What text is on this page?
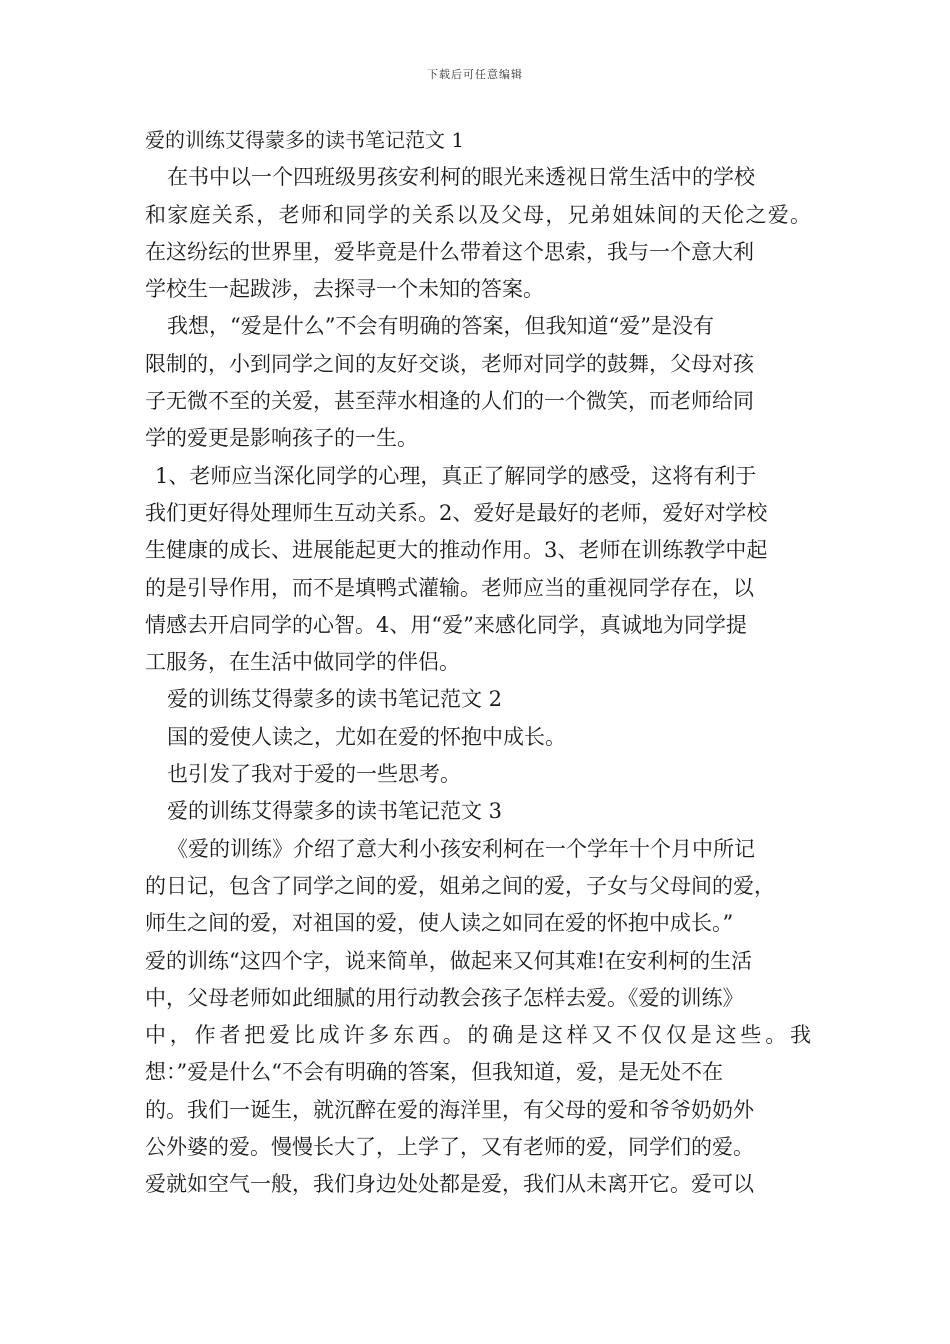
下载后可任意编辑
爱的训练艾得蒙多的读书笔记范文 1
在书中以一个四班级男孩安利柯的眼光来透视日常生活中的学校
和家庭关系，老师和同学的关系以及父母，兄弟姐妹间的天伦之爱。
在这纷纭的世界里，爱毕竟是什么带着这个思索，我与一个意大利
学校生一起跋涉，去探寻一个未知的答案。
我想，“爱是什么”不会有明确的答案，但我知道“爱”是没有
限制的，小到同学之间的友好交谈，老师对同学的鼓舞，父母对孩
子无微不至的关爱，甚至萍水相逢的人们的一个微笑，而老师给同
学的爱更是影响孩子的一生。
1、老师应当深化同学的心理，真正了解同学的感受，这将有利于
我们更好得处理师生互动关系。2、爱好是最好的老师，爱好对学校
生健康的成长、进展能起更大的推动作用。3、老师在训练教学中起
的是引导作用，而不是填鸭式灌输。老师应当的重视同学存在，以
情感去开启同学的心智。4、用“爱”来感化同学，真诚地为同学提
工服务，在生活中做同学的伴侣。
爱的训练艾得蒙多的读书笔记范文 2
国的爱使人读之，尤如在爱的怀抱中成长。
也引发了我对于爱的一些思考。
爱的训练艾得蒙多的读书笔记范文 3
《爱的训练》介绍了意大利小孩安利柯在一个学年十个月中所记
的日记，包含了同学之间的爱，姐弟之间的爱，子女与父母间的爱，
师生之间的爱，对祖国的爱，使人读之如同在爱的怀抱中成长。”
爱的训练“这四个字，说来简单，做起来又何其难!在安利柯的生活
中，父母老师如此细腻的用行动教会孩子怎样去爱。《爱的训练》
中，作者把爱比成许多东西。的确是这样又不仅仅是这些。我
想：”爱是什么“不会有明确的答案，但我知道，爱，是无处不在
的。我们一诞生，就沉醉在爱的海洋里，有父母的爱和爷爷奶奶外
公外婆的爱。慢慢长大了，上学了，又有老师的爱，同学们的爱。
爱就如空气一般，我们身边处处都是爱，我们从未离开它。爱可以
